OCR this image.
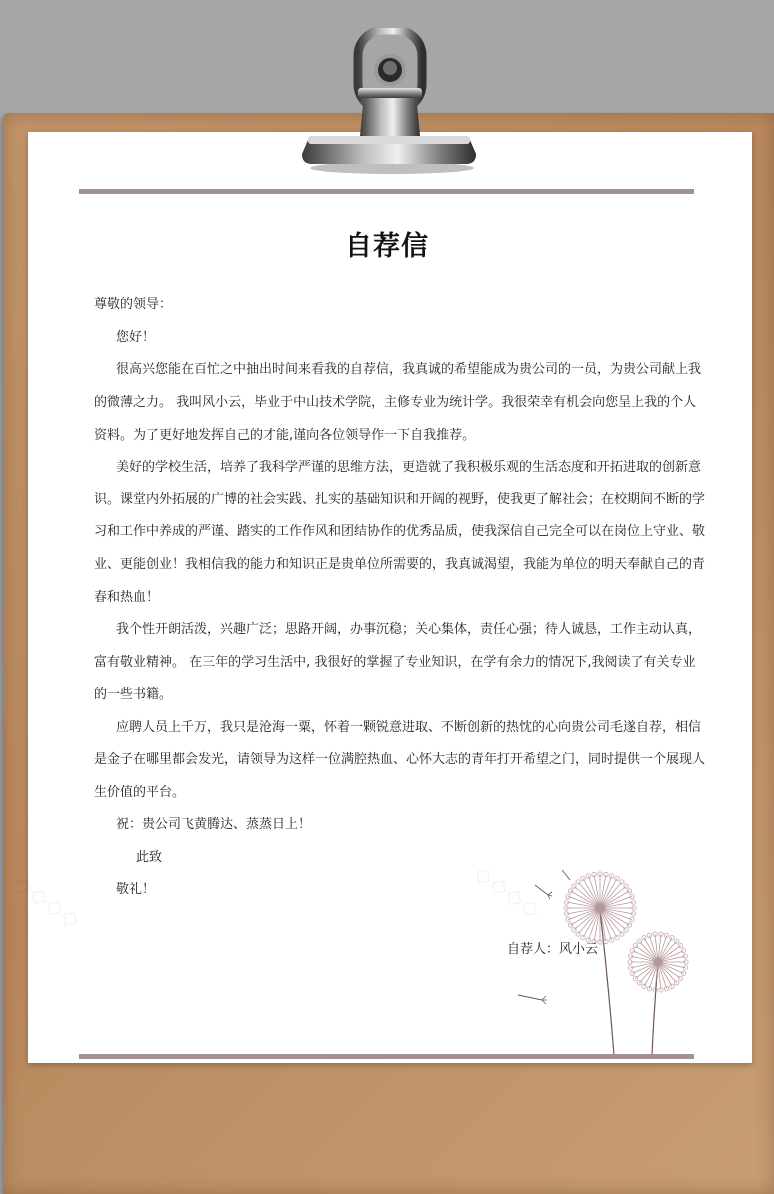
◇◇◇◇	◇◇◇◇
自荐信
尊敬的领导：
您好！
很高兴您能在百忙之中抽出时间来看我的自荐信，我真诚的希望能成为贵公司的一员，为贵公司献上我
的微薄之力。 我叫风小云，毕业于中山技术学院，主修专业为统计学。我很荣幸有机会向您呈上我的个人
资料。为了更好地发挥自己的才能,谨向各位领导作一下自我推荐。
美好的学校生活，培养了我科学严谨的思维方法，更造就了我积极乐观的生活态度和开拓进取的创新意
识。课堂内外拓展的广博的社会实践、扎实的基础知识和开阔的视野，使我更了解社会；在校期间不断的学
习和工作中养成的严谨、踏实的工作作风和团结协作的优秀品质，使我深信自己完全可以在岗位上守业、敬
业、更能创业！我相信我的能力和知识正是贵单位所需要的，我真诚渴望，我能为单位的明天奉献自己的青
春和热血！
我个性开朗活泼，兴趣广泛；思路开阔，办事沉稳；关心集体，责任心强；待人诚恳，工作主动认真，
富有敬业精神。 在三年的学习生活中, 我很好的掌握了专业知识，在学有余力的情况下,我阅读了有关专业
的一些书籍。
应聘人员上千万，我只是沧海一粟，怀着一颗锐意进取、不断创新的热忱的心向贵公司毛遂自荐，相信
是金子在哪里都会发光，请领导为这样一位满腔热血、心怀大志的青年打开希望之门，同时提供一个展现人
生价值的平台。
祝：贵公司飞黄腾达、蒸蒸日上！
此致
敬礼！
自荐人：风小云
